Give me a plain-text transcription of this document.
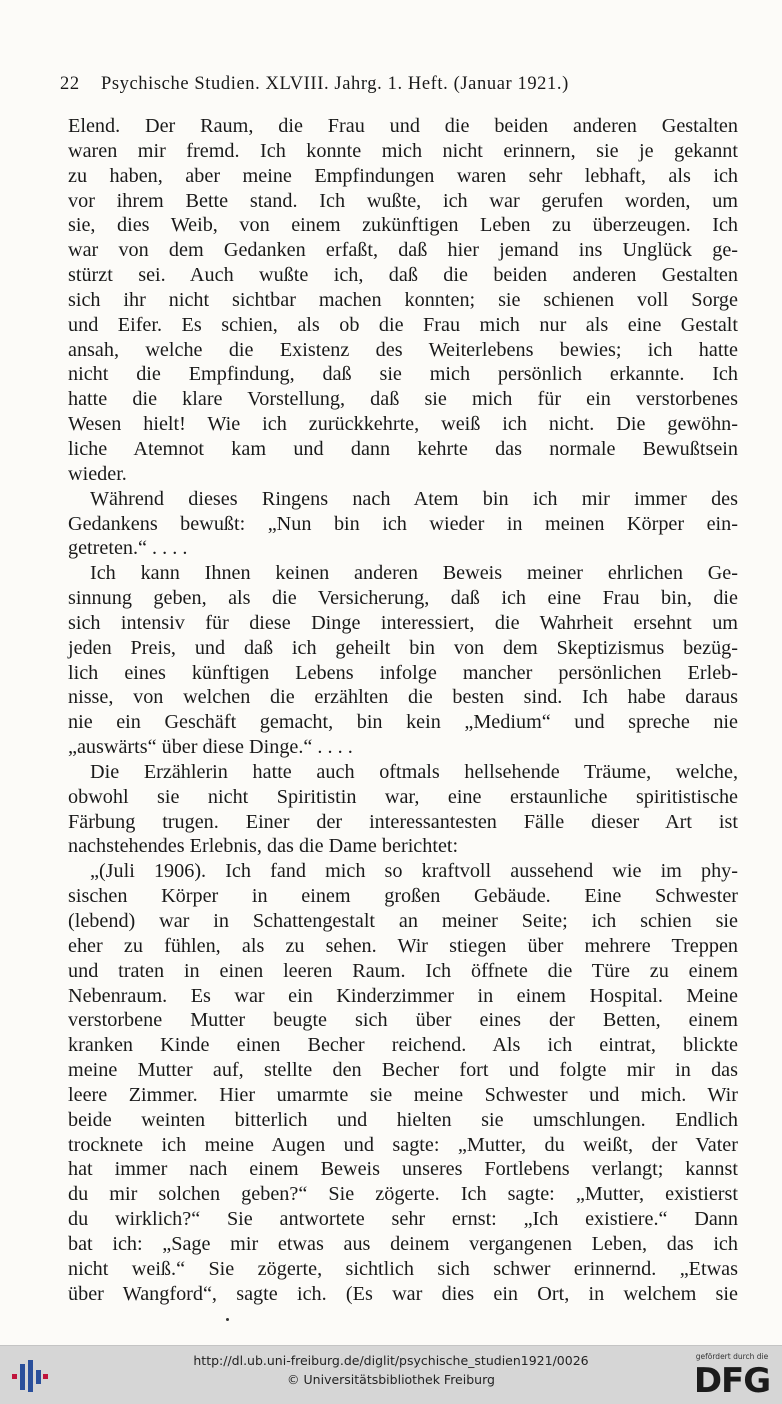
22 Psychische Studien. XLVIII. Jahrg. 1. Heft. (Januar 1921.)
Elend. Der Raum, die Frau und die beiden anderen Gestalten
waren mir fremd. Ich konnte mich nicht erinnern, sie je gekannt
zu haben, aber meine Empfindungen waren sehr lebhaft, als ich
vor ihrem Bette stand. Ich wußte, ich war gerufen worden, um
sie, dies Weib, von einem zukünftigen Leben zu überzeugen. Ich
war von dem Gedanken erfaßt, daß hier jemand ins Unglück ge-
stürzt sei. Auch wußte ich, daß die beiden anderen Gestalten
sich ihr nicht sichtbar machen konnten; sie schienen voll Sorge
und Eifer. Es schien, als ob die Frau mich nur als eine Gestalt
ansah, welche die Existenz des Weiterlebens bewies; ich hatte
nicht die Empfindung, daß sie mich persönlich erkannte. Ich
hatte die klare Vorstellung, daß sie mich für ein verstorbenes
Wesen hielt! Wie ich zurückkehrte, weiß ich nicht. Die gewöhn-
liche Atemnot kam und dann kehrte das normale Bewußtsein
wieder.
Während dieses Ringens nach Atem bin ich mir immer des
Gedankens bewußt: „Nun bin ich wieder in meinen Körper ein-
getreten.“ . . . .
Ich kann Ihnen keinen anderen Beweis meiner ehrlichen Ge-
sinnung geben, als die Versicherung, daß ich eine Frau bin, die
sich intensiv für diese Dinge interessiert, die Wahrheit ersehnt um
jeden Preis, und daß ich geheilt bin von dem Skeptizismus bezüg-
lich eines künftigen Lebens infolge mancher persönlichen Erleb-
nisse, von welchen die erzählten die besten sind. Ich habe daraus
nie ein Geschäft gemacht, bin kein „Medium“ und spreche nie
„auswärts“ über diese Dinge.“ . . . .
Die Erzählerin hatte auch oftmals hellsehende Träume, welche,
obwohl sie nicht Spiritistin war, eine erstaunliche spiritistische
Färbung trugen. Einer der interessantesten Fälle dieser Art ist
nachstehendes Erlebnis, das die Dame berichtet:
„(Juli 1906). Ich fand mich so kraftvoll aussehend wie im phy-
sischen Körper in einem großen Gebäude. Eine Schwester
(lebend) war in Schattengestalt an meiner Seite; ich schien sie
eher zu fühlen, als zu sehen. Wir stiegen über mehrere Treppen
und traten in einen leeren Raum. Ich öffnete die Türe zu einem
Nebenraum. Es war ein Kinderzimmer in einem Hospital. Meine
verstorbene Mutter beugte sich über eines der Betten, einem
kranken Kinde einen Becher reichend. Als ich eintrat, blickte
meine Mutter auf, stellte den Becher fort und folgte mir in das
leere Zimmer. Hier umarmte sie meine Schwester und mich. Wir
beide weinten bitterlich und hielten sie umschlungen. Endlich
trocknete ich meine Augen und sagte: „Mutter, du weißt, der Vater
hat immer nach einem Beweis unseres Fortlebens verlangt; kannst
du mir solchen geben?“ Sie zögerte. Ich sagte: „Mutter, existierst
du wirklich?“ Sie antwortete sehr ernst: „Ich existiere.“ Dann
bat ich: „Sage mir etwas aus deinem vergangenen Leben, das ich
nicht weiß.“ Sie zögerte, sichtlich sich schwer erinnernd. „Etwas
über Wangford“, sagte ich. (Es war dies ein Ort, in welchem sie
http://dl.ub.uni-freiburg.de/diglit/psychische_studien1921/0026
© Universitätsbibliothek Freiburg
gefördert durch die
DFG
